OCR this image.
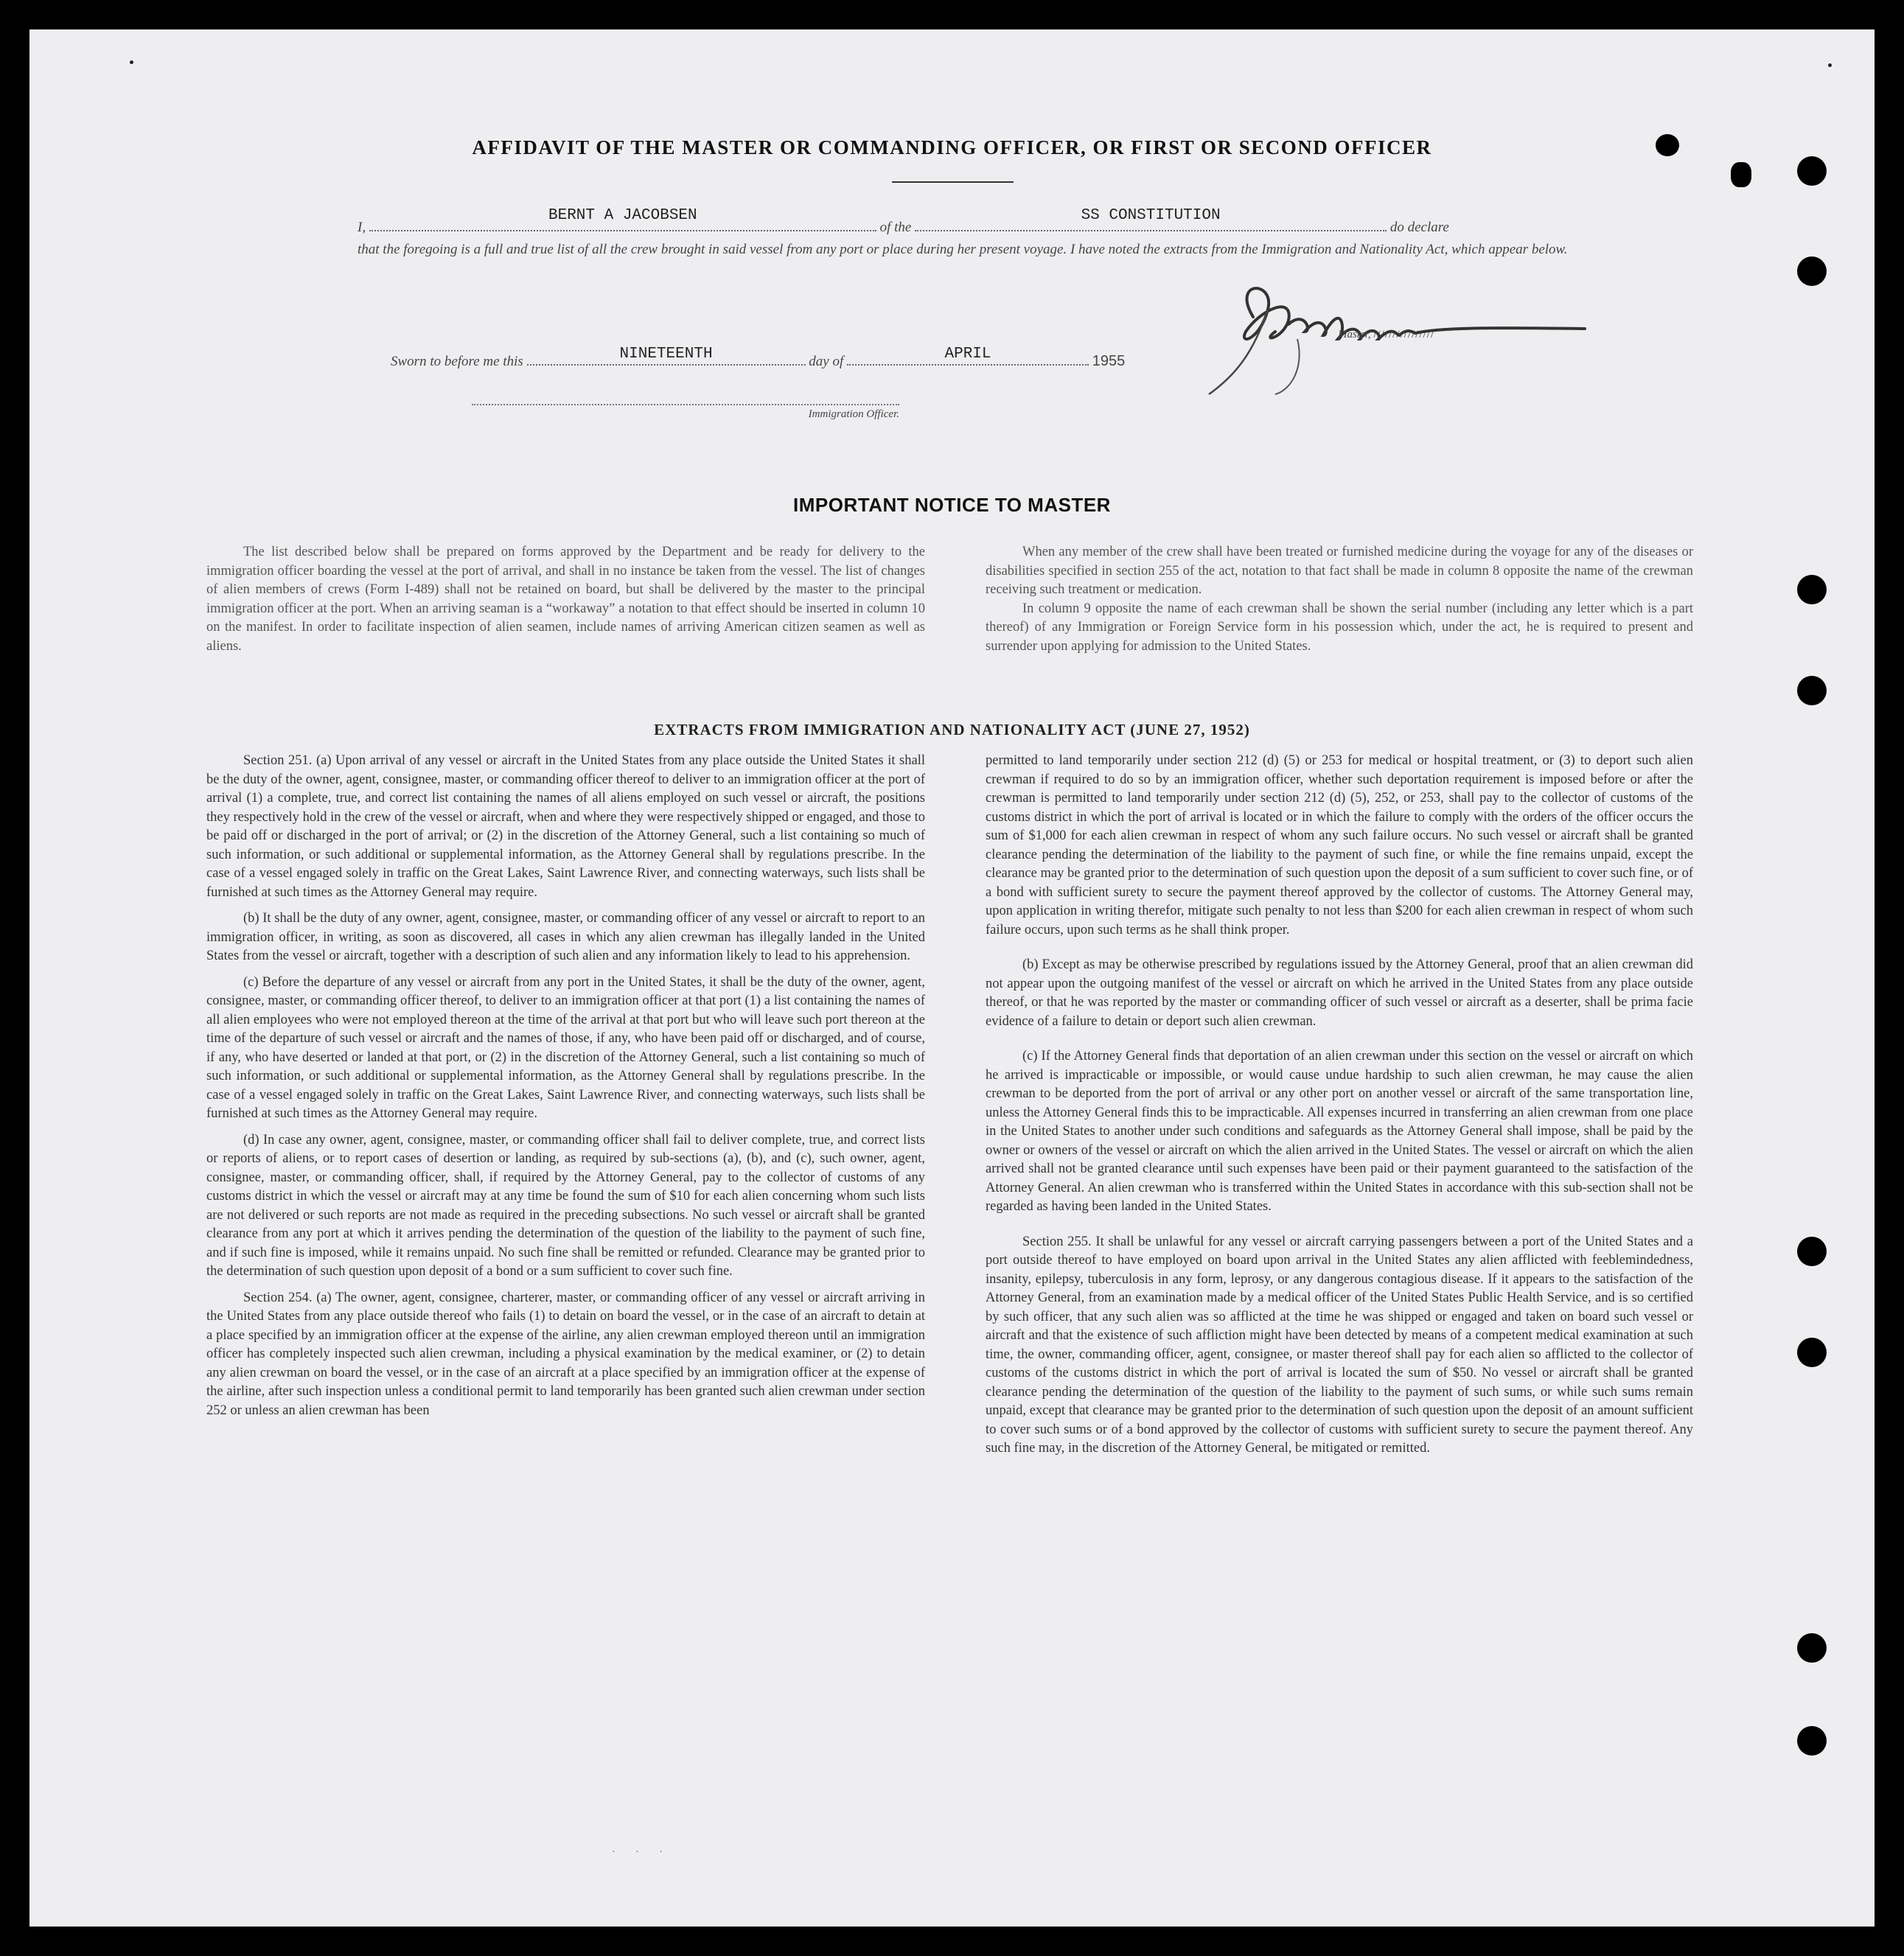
AFFIDAVIT OF THE MASTER OR COMMANDING OFFICER, OR FIRST OR SECOND OFFICER
I,
BERNT A JACOBSEN
of the
SS CONSTITUTION
do declare
that the foregoing is a full and true list of all the crew brought in said vessel from any port or place during her present voyage. I have noted the extracts from the Immigration and Nationality Act, which appear below.
Master, ////////////////
Sworn to before me this	NINETEENTH	day of	APRIL	1955
Immigration Officer.
IMPORTANT NOTICE TO MASTER

The list described below shall be prepared on forms approved by the Department and be ready for delivery to the immigration officer boarding the vessel at the port of arrival, and shall in no instance be taken from the vessel. The list of changes of alien members of crews (Form I-489) shall not be retained on board, but shall be delivered by the master to the principal immigration officer at the port. When an arriving seaman is a “workaway” a notation to that effect should be inserted in column 10 on the manifest. In order to facilitate inspection of alien seamen, include names of arriving American citizen seamen as well as aliens.

When any member of the crew shall have been treated or furnished medicine during the voyage for any of the diseases or disabilities specified in section 255 of the act, notation to that fact shall be made in column 8 opposite the name of the crewman receiving such treatment or medication.

In column 9 opposite the name of each crewman shall be shown the serial number (including any letter which is a part thereof) of any Immigration or Foreign Service form in his possession which, under the act, he is required to present and surrender upon applying for admission to the United States.

EXTRACTS FROM IMMIGRATION AND NATIONALITY ACT (JUNE 27, 1952)

Section 251. (a) Upon arrival of any vessel or aircraft in the United States from any place outside the United States it shall be the duty of the owner, agent, consignee, master, or commanding officer thereof to deliver to an immigration officer at the port of arrival (1) a complete, true, and correct list containing the names of all aliens employed on such vessel or aircraft, the positions they respectively hold in the crew of the vessel or aircraft, when and where they were respectively shipped or engaged, and those to be paid off or discharged in the port of arrival; or (2) in the discretion of the Attorney General, such a list containing so much of such information, or such additional or supplemental information, as the Attorney General shall by regulations prescribe. In the case of a vessel engaged solely in traffic on the Great Lakes, Saint Lawrence River, and connecting waterways, such lists shall be furnished at such times as the Attorney General may require.

(b) It shall be the duty of any owner, agent, consignee, master, or commanding officer of any vessel or aircraft to report to an immigration officer, in writing, as soon as discovered, all cases in which any alien crewman has illegally landed in the United States from the vessel or aircraft, together with a description of such alien and any information likely to lead to his apprehension.

(c) Before the departure of any vessel or aircraft from any port in the United States, it shall be the duty of the owner, agent, consignee, master, or commanding officer thereof, to deliver to an immigration officer at that port (1) a list containing the names of all alien employees who were not employed thereon at the time of the arrival at that port but who will leave such port thereon at the time of the departure of such vessel or aircraft and the names of those, if any, who have been paid off or discharged, and of course, if any, who have deserted or landed at that port, or (2) in the discretion of the Attorney General, such a list containing so much of such information, or such additional or supplemental information, as the Attorney General shall by regulations prescribe. In the case of a vessel engaged solely in traffic on the Great Lakes, Saint Lawrence River, and connecting waterways, such lists shall be furnished at such times as the Attorney General may require.

(d) In case any owner, agent, consignee, master, or commanding officer shall fail to deliver complete, true, and correct lists or reports of aliens, or to report cases of desertion or landing, as required by sub-sections (a), (b), and (c), such owner, agent, consignee, master, or commanding officer, shall, if required by the Attorney General, pay to the collector of customs of any customs district in which the vessel or aircraft may at any time be found the sum of $10 for each alien concerning whom such lists are not delivered or such reports are not made as required in the preceding subsections. No such vessel or aircraft shall be granted clearance from any port at which it arrives pending the determination of the question of the liability to the payment of such fine, and if such fine is imposed, while it remains unpaid. No such fine shall be remitted or refunded. Clearance may be granted prior to the determination of such question upon deposit of a bond or a sum sufficient to cover such fine.

Section 254. (a) The owner, agent, consignee, charterer, master, or commanding officer of any vessel or aircraft arriving in the United States from any place outside thereof who fails (1) to detain on board the vessel, or in the case of an aircraft to detain at a place specified by an immigration officer at the expense of the airline, any alien crewman employed thereon until an immigration officer has completely inspected such alien crewman, including a physical examination by the medical examiner, or (2) to detain any alien crewman on board the vessel, or in the case of an aircraft at a place specified by an immigration officer at the expense of the airline, after such inspection unless a conditional permit to land temporarily has been granted such alien crewman under section 252 or unless an alien crewman has been

permitted to land temporarily under section 212 (d) (5) or 253 for medical or hospital treatment, or (3) to deport such alien crewman if required to do so by an immigration officer, whether such deportation requirement is imposed before or after the crewman is permitted to land temporarily under section 212 (d) (5), 252, or 253, shall pay to the collector of customs of the customs district in which the port of arrival is located or in which the failure to comply with the orders of the officer occurs the sum of $1,000 for each alien crewman in respect of whom any such failure occurs. No such vessel or aircraft shall be granted clearance pending the determination of the liability to the payment of such fine, or while the fine remains unpaid, except the clearance may be granted prior to the determination of such question upon the deposit of a sum sufficient to cover such fine, or of a bond with sufficient surety to secure the payment thereof approved by the collector of customs. The Attorney General may, upon application in writing therefor, mitigate such penalty to not less than $200 for each alien crewman in respect of whom such failure occurs, upon such terms as he shall think proper.

(b) Except as may be otherwise prescribed by regulations issued by the Attorney General, proof that an alien crewman did not appear upon the outgoing manifest of the vessel or aircraft on which he arrived in the United States from any place outside thereof, or that he was reported by the master or commanding officer of such vessel or aircraft as a deserter, shall be prima facie evidence of a failure to detain or deport such alien crewman.

(c) If the Attorney General finds that deportation of an alien crewman under this section on the vessel or aircraft on which he arrived is impracticable or impossible, or would cause undue hardship to such alien crewman, he may cause the alien crewman to be deported from the port of arrival or any other port on another vessel or aircraft of the same transportation line, unless the Attorney General finds this to be impracticable. All expenses incurred in transferring an alien crewman from one place in the United States to another under such conditions and safeguards as the Attorney General shall impose, shall be paid by the owner or owners of the vessel or aircraft on which the alien arrived in the United States. The vessel or aircraft on which the alien arrived shall not be granted clearance until such expenses have been paid or their payment guaranteed to the satisfaction of the Attorney General. An alien crewman who is transferred within the United States in accordance with this sub-section shall not be regarded as having been landed in the United States.

Section 255. It shall be unlawful for any vessel or aircraft carrying passengers between a port of the United States and a port outside thereof to have employed on board upon arrival in the United States any alien afflicted with feeblemindedness, insanity, epilepsy, tuberculosis in any form, leprosy, or any dangerous contagious disease. If it appears to the satisfaction of the Attorney General, from an examination made by a medical officer of the United States Public Health Service, and is so certified by such officer, that any such alien was so afflicted at the time he was shipped or engaged and taken on board such vessel or aircraft and that the existence of such affliction might have been detected by means of a competent medical examination at such time, the owner, commanding officer, agent, consignee, or master thereof shall pay for each alien so afflicted to the collector of customs of the customs district in which the port of arrival is located the sum of $50. No vessel or aircraft shall be granted clearance pending the determination of the question of the liability to the payment of such sums, or while such sums remain unpaid, except that clearance may be granted prior to the determination of such question upon the deposit of an amount sufficient to cover such sums or of a bond approved by the collector of customs with sufficient surety to secure the payment thereof. Any such fine may, in the discretion of the Attorney General, be mitigated or remitted.

· · ·
